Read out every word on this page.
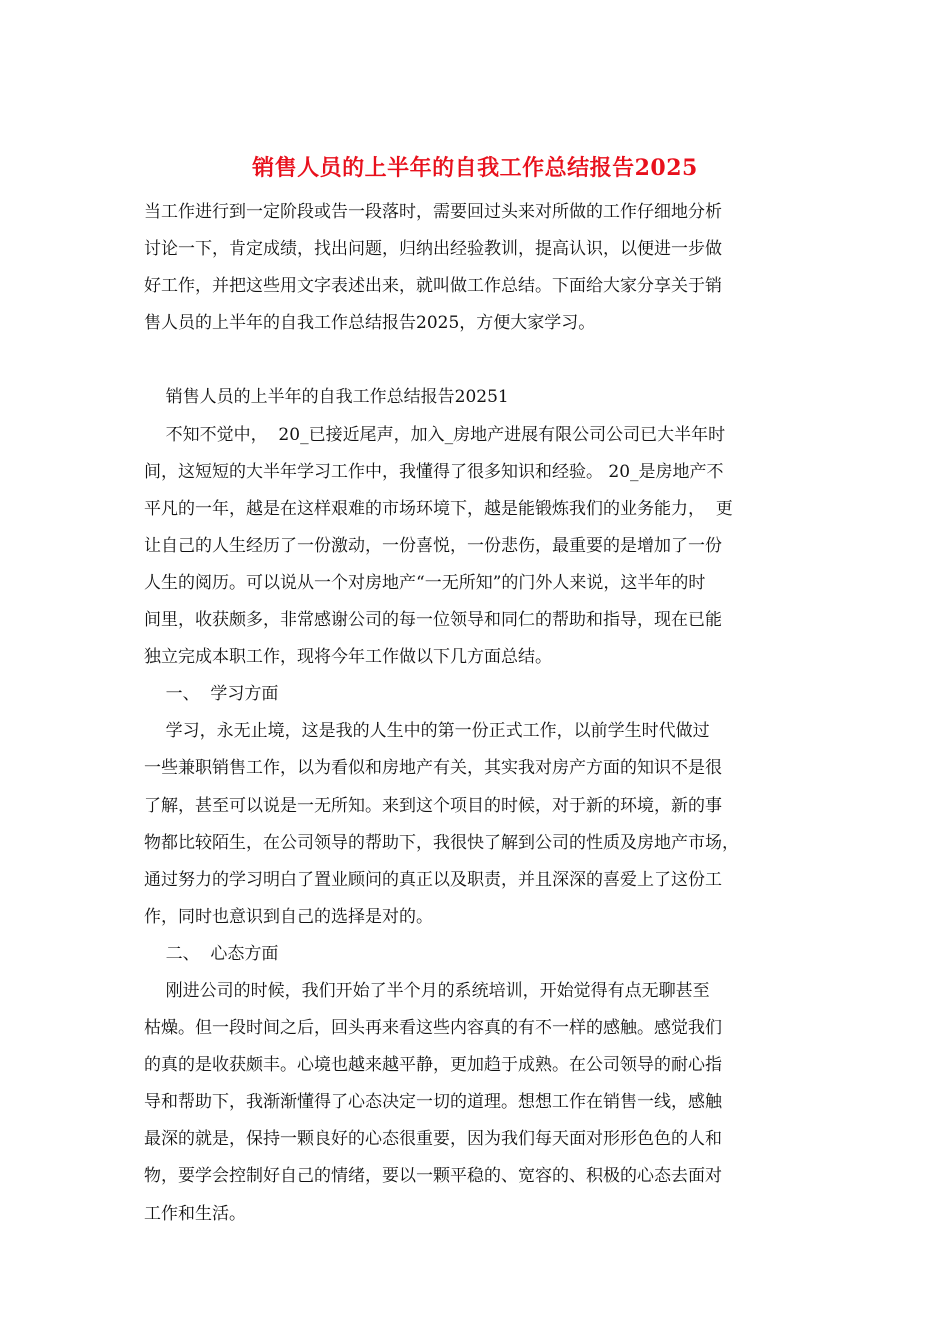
销售人员的上半年的自我工作总结报告2025
当工作进行到一定阶段或告一段落时，需要回过头来对所做的工作仔细地分析
讨论一下，肯定成绩，找出问题，归纳出经验教训，提高认识，以便进一步做
好工作，并把这些用文字表述出来，就叫做工作总结。下面给大家分享关于销
售人员的上半年的自我工作总结报告2025，方便大家学习。
销售人员的上半年的自我工作总结报告20251
不知不觉中，  20_已接近尾声，加入_房地产进展有限公司公司已大半年时
间，这短短的大半年学习工作中，我懂得了很多知识和经验。 20_是房地产不
平凡的一年，越是在这样艰难的市场环境下，越是能锻炼我们的业务能力，  更
让自己的人生经历了一份激动，一份喜悦，一份悲伤，最重要的是增加了一份
人生的阅历。可以说从一个对房地产“一无所知”的门外人来说，这半年的时
间里，收获颇多，非常感谢公司的每一位领导和同仁的帮助和指导，现在已能
独立完成本职工作，现将今年工作做以下几方面总结。
一、  学习方面
学习，永无止境，这是我的人生中的第一份正式工作，以前学生时代做过
一些兼职销售工作，以为看似和房地产有关，其实我对房产方面的知识不是很
了解，甚至可以说是一无所知。来到这个项目的时候，对于新的环境，新的事
物都比较陌生，在公司领导的帮助下，我很快了解到公司的性质及房地产市场，
通过努力的学习明白了置业顾问的真正以及职责，并且深深的喜爱上了这份工
作，同时也意识到自己的选择是对的。
二、  心态方面
刚进公司的时候，我们开始了半个月的系统培训，开始觉得有点无聊甚至
枯燥。但一段时间之后，回头再来看这些内容真的有不一样的感触。感觉我们
的真的是收获颇丰。心境也越来越平静，更加趋于成熟。在公司领导的耐心指
导和帮助下，我渐渐懂得了心态决定一切的道理。想想工作在销售一线，感触
最深的就是，保持一颗良好的心态很重要，因为我们每天面对形形色色的人和
物，要学会控制好自己的情绪，要以一颗平稳的、宽容的、积极的心态去面对
工作和生活。
